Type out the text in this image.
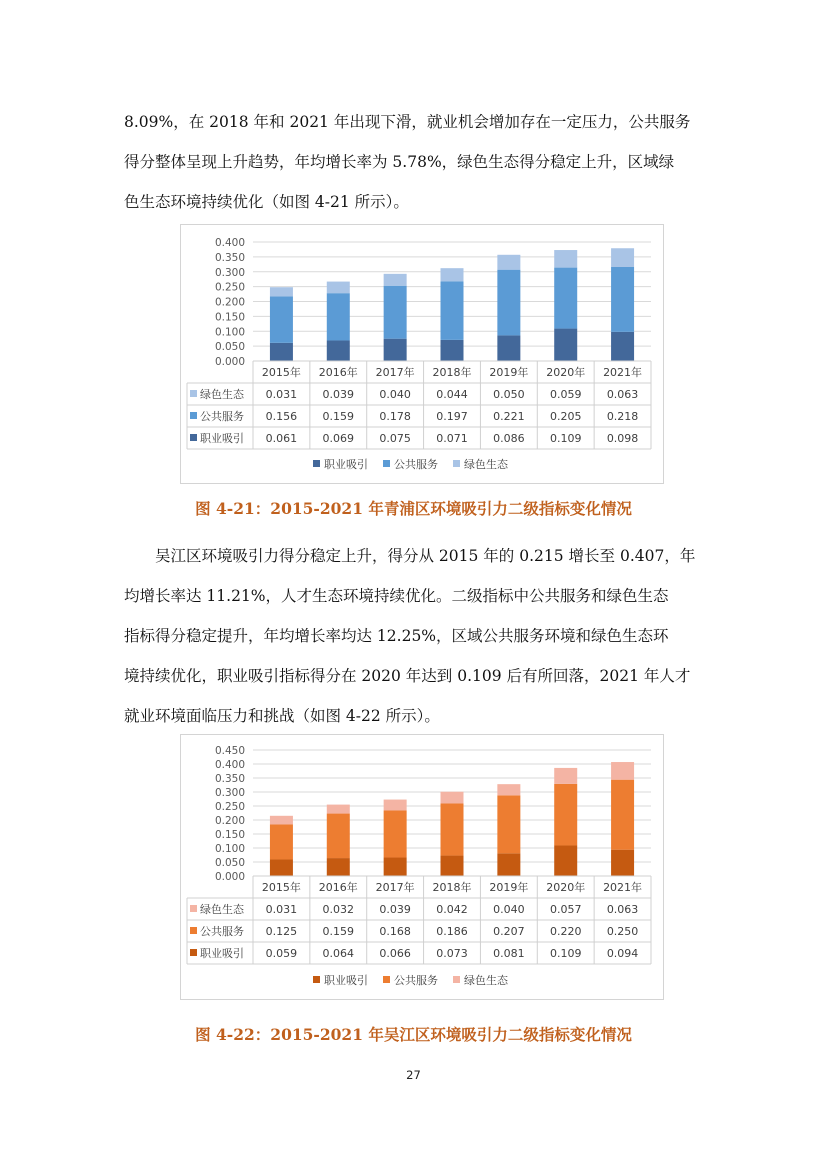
8.09%，在 2018 年和 2021 年出现下滑，就业机会增加存在一定压力，公共服务
得分整体呈现上升趋势，年均增长率为 5.78%，绿色生态得分稳定上升，区域绿
色生态环境持续优化（如图 4-21 所示）。
0.000
0.050
0.100
0.150
0.200
0.250
0.300
0.350
0.400
2015年 2016年 2017年 2018年 2019年 2020年 2021年
绿色生态 0.031 0.039 0.040 0.044 0.050 0.059 0.063
公共服务 0.156 0.159 0.178 0.197 0.221 0.205 0.218
职业吸引 0.061 0.069 0.075 0.071 0.086 0.109 0.098
职业吸引 公共服务 绿色生态

图 4-21：2015-2021 年青浦区环境吸引力二级指标变化情况

吴江区环境吸引力得分稳定上升，得分从 2015 年的 0.215 增长至 0.407，年
均增长率达 11.21%，人才生态环境持续优化。二级指标中公共服务和绿色生态
指标得分稳定提升，年均增长率均达 12.25%，区域公共服务环境和绿色生态环
境持续优化，职业吸引指标得分在 2020 年达到 0.109 后有所回落，2021 年人才
就业环境面临压力和挑战（如图 4-22 所示）。
0.000
0.050
0.100
0.150
0.200
0.250
0.300
0.350
0.400
0.450
2015年 2016年 2017年 2018年 2019年 2020年 2021年
绿色生态 0.031 0.032 0.039 0.042 0.040 0.057 0.063
公共服务 0.125 0.159 0.168 0.186 0.207 0.220 0.250
职业吸引 0.059 0.064 0.066 0.073 0.081 0.109 0.094
职业吸引 公共服务 绿色生态

图 4-22：2015-2021 年吴江区环境吸引力二级指标变化情况

27
